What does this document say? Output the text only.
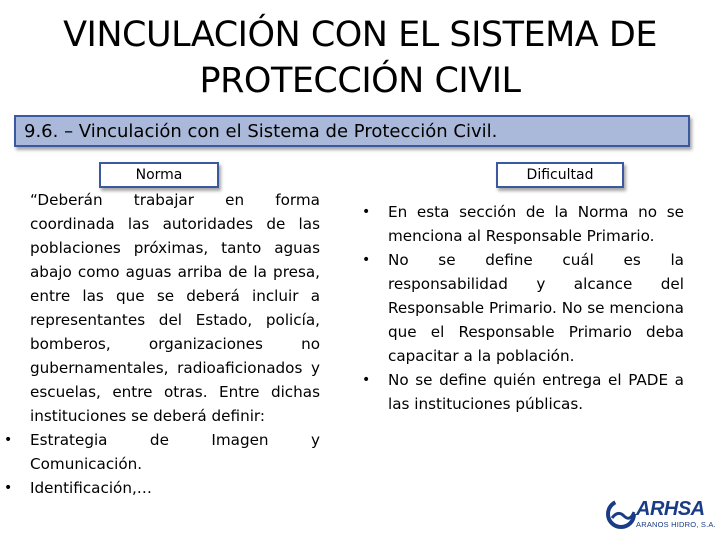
VINCULACIÓN CON EL SISTEMA DE
PROTECCIÓN CIVIL
9.6. – Vinculación con el Sistema de Protección Civil.
Norma	Dificultad
“Deberán trabajar en forma coordinada las autoridades de las poblaciones próximas, tanto aguas abajo como aguas arriba de la presa, entre las que se deberá incluir a representantes del Estado, policía, bomberos, organizaciones no gubernamentales, radioaficionados y escuelas, entre otras. Entre dichas instituciones se deberá definir:
• Estrategia de Imagen y Comunicación.
• Identificación,…
• En esta sección de la Norma no se menciona al Responsable Primario.
• No se define cuál es la responsabilidad y alcance del Responsable Primario. No se menciona que el Responsable Primario deba capacitar a la población.
• No se define quién entrega el PADE a las instituciones públicas.
ARHSA
ARANOS HIDRO, S.A.
